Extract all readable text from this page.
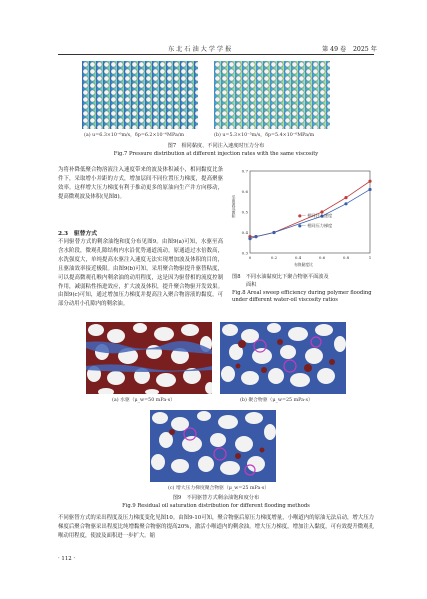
东 北 石 油 大 学 学 报	第 49 卷 2025 年
(a) u=6.3×10⁻⁶m/s，δp=6.2×10⁻⁶MPa/m	(b) u=5.3×10⁻⁵m/s，δp=5.4×10⁻⁶MPa/m
图7　相同黏度、不同注入速度时压力分布
Fig.7 Pressure distribution at different injection rates with the same viscosity
为将补降低聚合物溶液注入速度带来的波及体积减小，相同黏度比条件下，采取增小并距的方式，增加层间不同位置压力梯度，提高聚驱效率。这样增大压力梯度有利于推动更多的原油向生产井方向移动，提高微观波及体积(见图8)。
2.3　驱替方式
不同驱替方式的剩余油饱和度分布见图9。由图9(a)可知，水驱至高含水阶段，微观孔隙结构内水沿优势通道流动，原通道过水倍数高，水洗强度大，单纯提高水驱注入速度无法实现增加波及体积的目的，且驱油效率接近极限。由图9(b)可知，采用聚合物驱提升驱替粘度，可以提高微观孔喉内剩余油的动用程度，这是因为驱替相的流度控制作用，减弱粘性指进效应，扩大波及体积，提升聚合物驱开发效果。由图9(c)可知，通过增加压力梯度并提高注入聚合物溶液的黏度，可部分动用小孔隙内的剩余油。
0	0.2	0.4	0.6	0.8	1
0.3
0.4
0.5
0.6
0.7
●— 相同注入速度
●— 相同压力梯度
平面波及面积
布换黏度比
图8　不同水油黏度比下聚合物驱平面波及
面积
Fig.8 Areal sweep efficiency during polymer flooding under different water-oil viscosity ratios
(a) 水驱（μ_w=50 mPa·s）	(b) 聚合物驱（μ_w=25 mPa·s）
(c) 增大压力梯度聚合物驱（μ_w=25 mPa·s）
图9　不同驱替方式剩余油饱和度分布
Fig.9 Residual oil saturation distribution for different flooding methods
不同驱替方式的采出程度及压力梯度变化见图10。由图9-10可知，聚合物驱后原压力梯度增量，小喉道内的原油无法启动，增大压力梯度后聚合物驱采出程度比纯增黏聚合物驱的提高20%，激活小喉道内的剩余油。增大压力梯度，增加注入黏度，可有效提升微观孔喉动用程度，使波及面积进一步扩大。缩
· 112 ·
